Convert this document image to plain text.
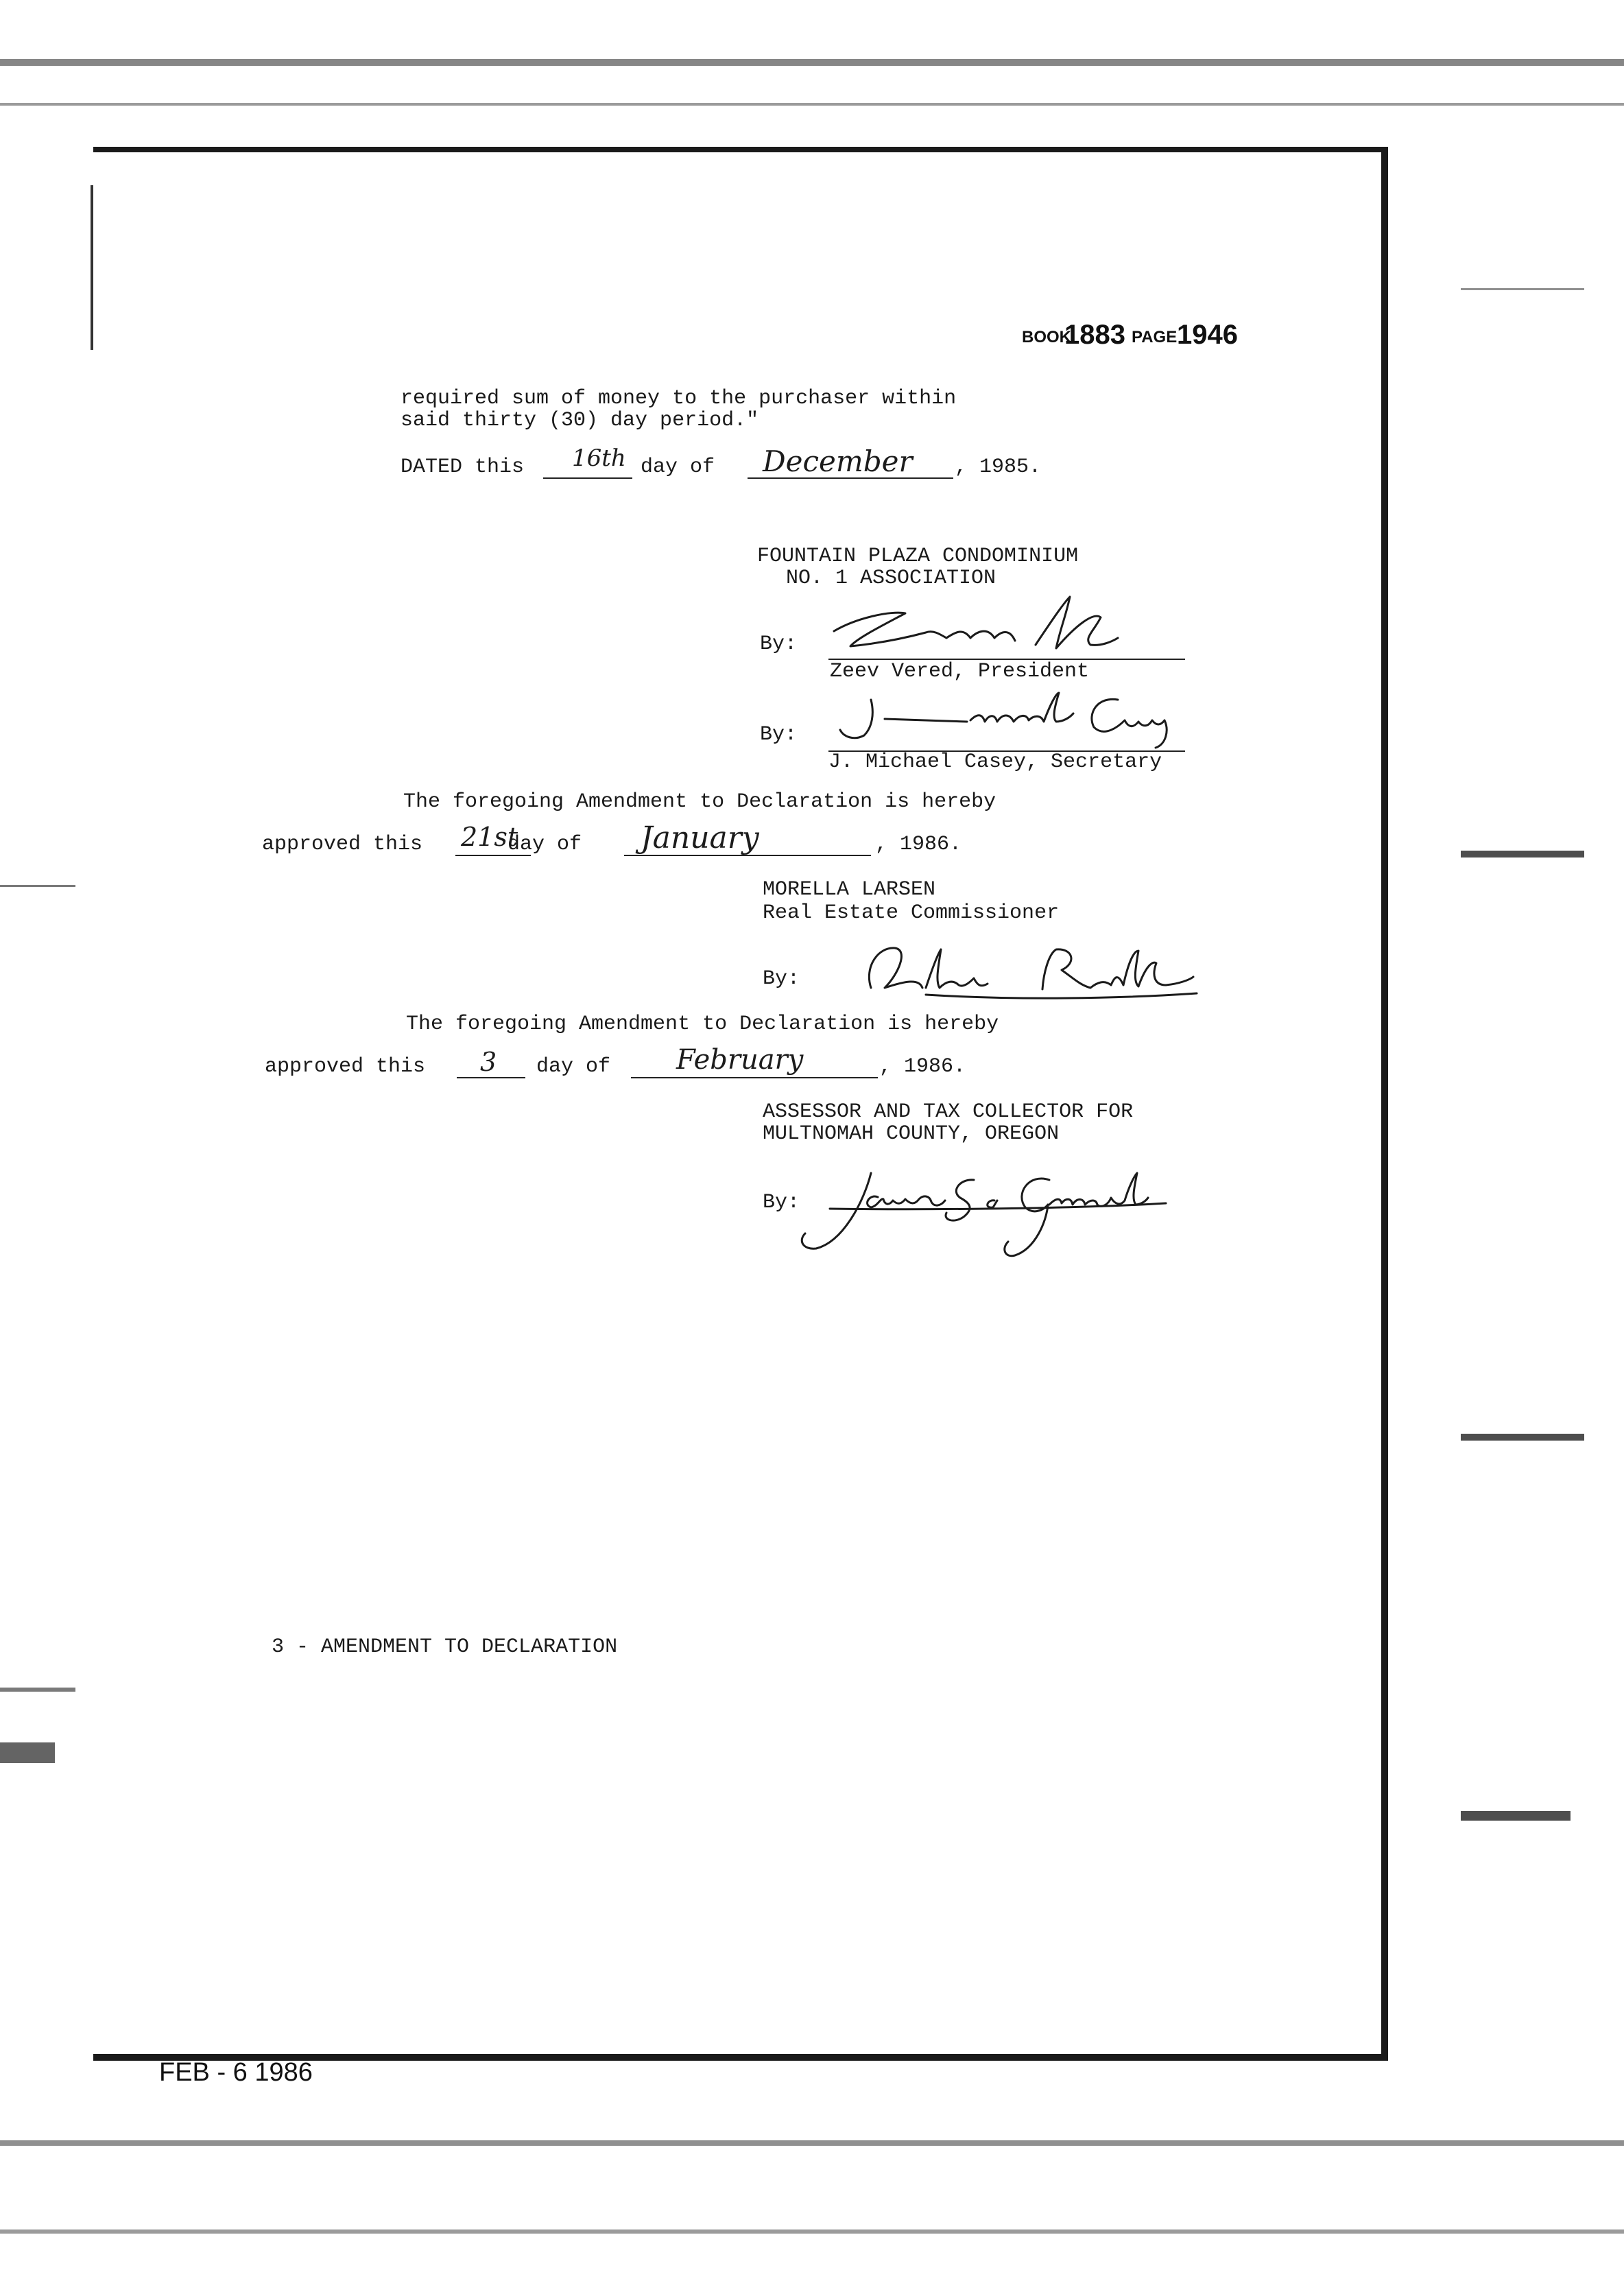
BOOK
1883 PAGE 1946
required sum of money to the purchaser within
said thirty (30) day period."
DATED this 16th day of December , 1985.
FOUNTAIN PLAZA CONDOMINIUM
NO. 1 ASSOCIATION
By:
Zeev Vered, President
By:
J. Michael Casey, Secretary
The foregoing Amendment to Declaration is hereby
approved this 21st
day of January	, 1986.
MORELLA LARSEN
Real Estate Commissioner
By:
The foregoing Amendment to Declaration is hereby
approved this 3 day of February	, 1986.
ASSESSOR AND TAX COLLECTOR FOR
MULTNOMAH COUNTY, OREGON
By:
3 - AMENDMENT TO DECLARATION
FEB - 6 1986
